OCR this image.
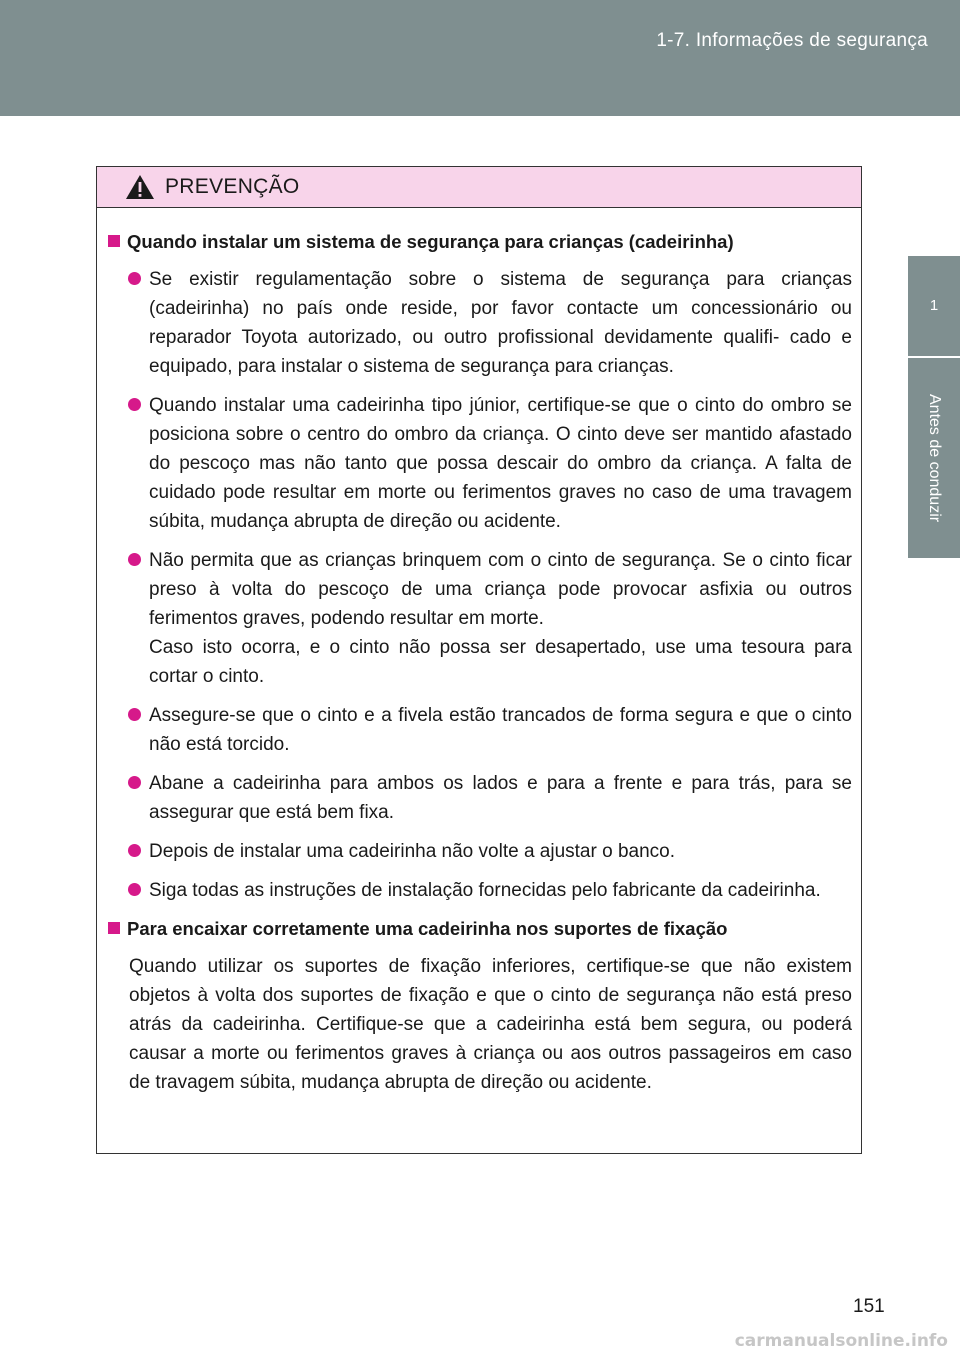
1-7. Informações de segurança
1
Antes de conduzir
PREVENÇÃO
Quando instalar um sistema de segurança para crianças (cadeirinha)
Se existir regulamentação sobre o sistema de segurança para crianças (cadeirinha) no país onde reside, por favor contacte um concessionário ou reparador Toyota autorizado, ou outro profissional devidamente qualifi- cado e equipado, para instalar o sistema de segurança para crianças.
Quando instalar uma cadeirinha tipo júnior, certifique-se que o cinto do ombro se posiciona sobre o centro do ombro da criança. O cinto deve ser mantido afastado do pescoço mas não tanto que possa descair do ombro da criança. A falta de cuidado pode resultar em morte ou ferimentos graves no caso de uma travagem súbita, mudança abrupta de direção ou acidente.
Não permita que as crianças brinquem com o cinto de segurança. Se o cinto ficar preso à volta do pescoço de uma criança pode provocar asfixia ou outros ferimentos graves, podendo resultar em morte.
Caso isto ocorra, e o cinto não possa ser desapertado, use uma tesoura para cortar o cinto.
Assegure-se que o cinto e a fivela estão trancados de forma segura e que o cinto não está torcido.
Abane a cadeirinha para ambos os lados e para a frente e para trás, para se assegurar que está bem fixa.
Depois de instalar uma cadeirinha não volte a ajustar o banco.
Siga todas as instruções de instalação fornecidas pelo fabricante da cadeirinha.
Para encaixar corretamente uma cadeirinha nos suportes de fixação
Quando utilizar os suportes de fixação inferiores, certifique-se que não existem objetos à volta dos suportes de fixação e que o cinto de segurança não está preso atrás da cadeirinha. Certifique-se que a cadeirinha está bem segura, ou poderá causar a morte ou ferimentos graves à criança ou aos outros passageiros em caso de travagem súbita, mudança abrupta de direção ou acidente.
151
carmanualsonline.info
